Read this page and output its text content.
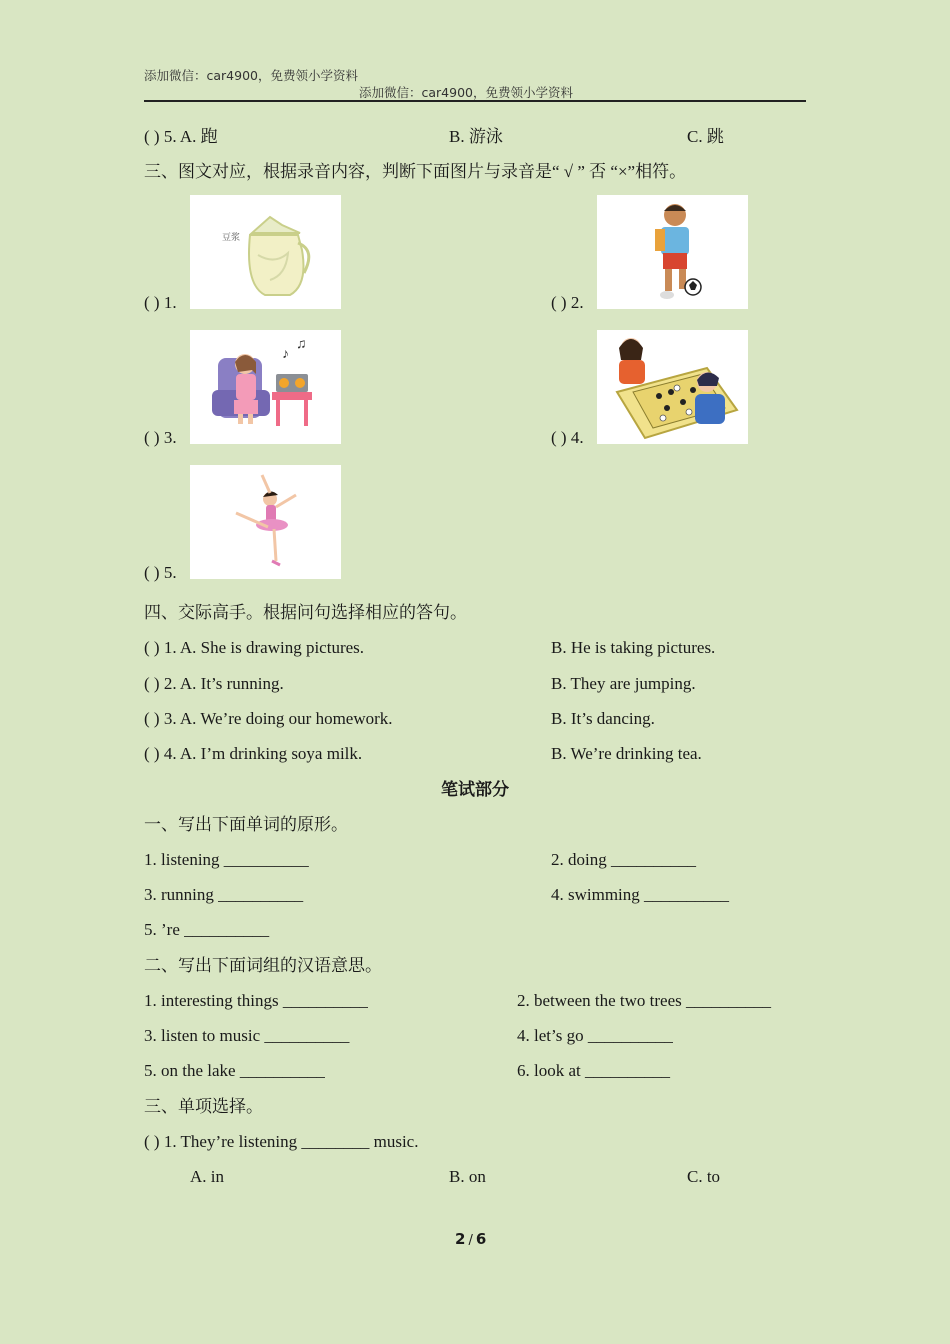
添加微信：car4900，免费领小学资料
添加微信：car4900，免费领小学资料
( ) 5. A. 跑	B. 游泳	C. 跳
三、图文对应，根据录音内容，判断下面图片与录音是“ √ ” 否 “×”相符。
( ) 1.
豆浆
( ) 2.
( ) 3.
♪
♫
( ) 4.
( ) 5.
四、交际高手。根据问句选择相应的答句。
( ) 1. A. She is drawing pictures.	B. He is taking pictures.
( ) 2. A. It’s running.	B. They are jumping.
( ) 3. A. We’re doing our homework.	B. It’s dancing.
( ) 4. A. I’m drinking soya milk.	B. We’re drinking tea.
笔试部分
一、写出下面单词的原形。
1. listening __________	2. doing __________
3. running __________	4. swimming __________
5. ’re __________
二、写出下面词组的汉语意思。
1. interesting things __________	2. between the two trees __________
3. listen to music __________	4. let’s go __________
5. on the lake __________	6. look at __________
三、单项选择。
( ) 1. They’re listening ________ music.
A. in	B. on	C. to
2 / 6
